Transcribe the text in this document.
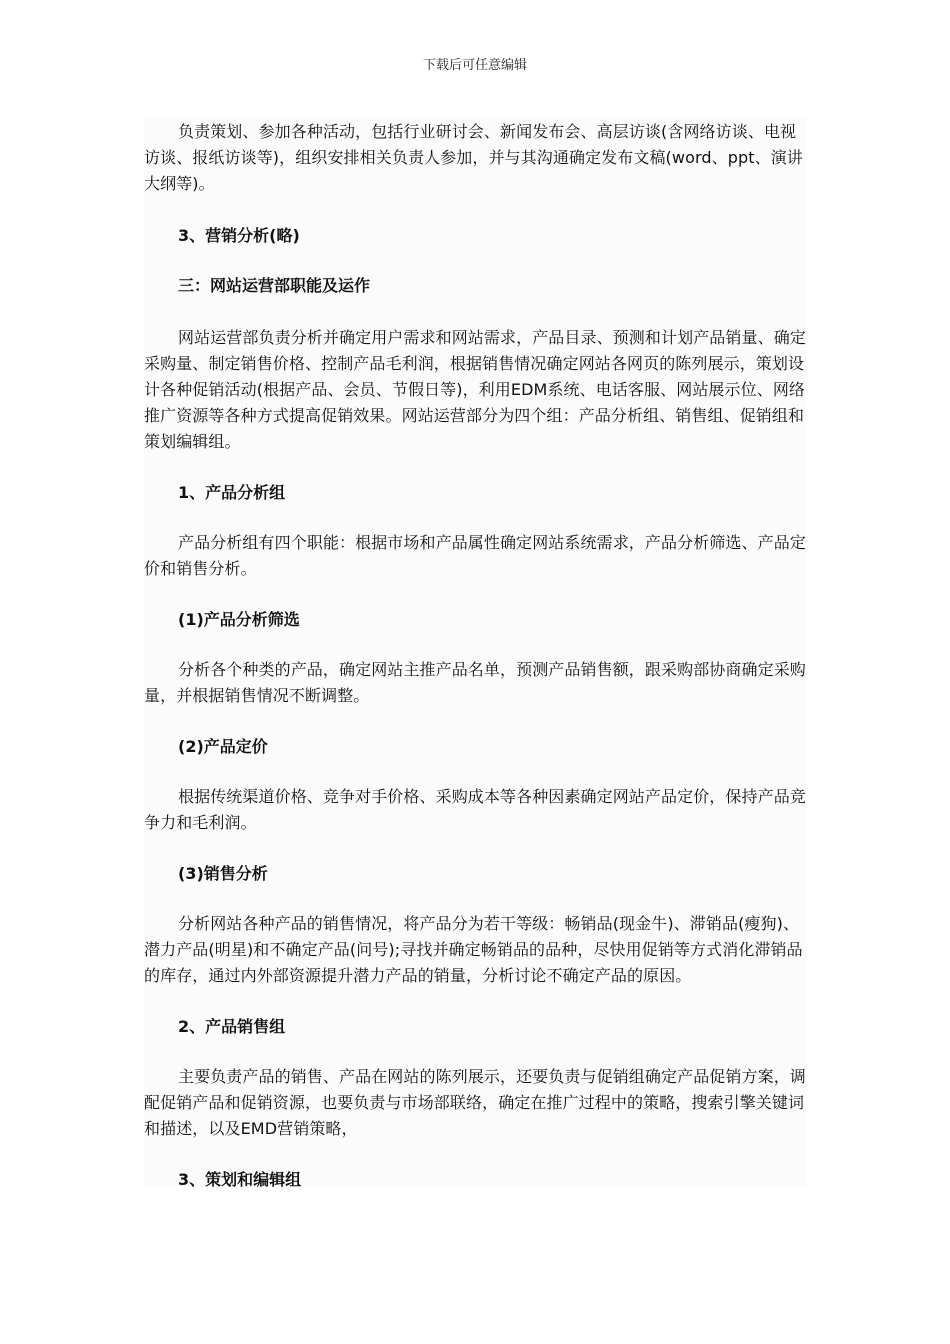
下载后可任意编辑

负责策划、参加各种活动，包括行业研讨会、新闻发布会、高层访谈(含网络访谈、电视访谈、报纸访谈等)，组织安排相关负责人参加，并与其沟通确定发布文稿(word、ppt、演讲大纲等)。

3、营销分析(略)

三：网站运营部职能及运作

网站运营部负责分析并确定用户需求和网站需求，产品目录、预测和计划产品销量、确定采购量、制定销售价格、控制产品毛利润，根据销售情况确定网站各网页的陈列展示，策划设计各种促销活动(根据产品、会员、节假日等)，利用EDM系统、电话客服、网站展示位、网络推广资源等各种方式提高促销效果。网站运营部分为四个组：产品分析组、销售组、促销组和策划编辑组。

1、产品分析组

产品分析组有四个职能：根据市场和产品属性确定网站系统需求，产品分析筛选、产品定价和销售分析。

(1)产品分析筛选

分析各个种类的产品，确定网站主推产品名单，预测产品销售额，跟采购部协商确定采购量，并根据销售情况不断调整。

(2)产品定价

根据传统渠道价格、竞争对手价格、采购成本等各种因素确定网站产品定价，保持产品竞争力和毛利润。

(3)销售分析

分析网站各种产品的销售情况，将产品分为若干等级：畅销品(现金牛)、滞销品(瘦狗)、潜力产品(明星)和不确定产品(问号);寻找并确定畅销品的品种，尽快用促销等方式消化滞销品的库存，通过内外部资源提升潜力产品的销量，分析讨论不确定产品的原因。

2、产品销售组

主要负责产品的销售、产品在网站的陈列展示，还要负责与促销组确定产品促销方案，调配促销产品和促销资源，也要负责与市场部联络，确定在推广过程中的策略，搜索引擎关键词和描述，以及EMD营销策略，

3、策划和编辑组
